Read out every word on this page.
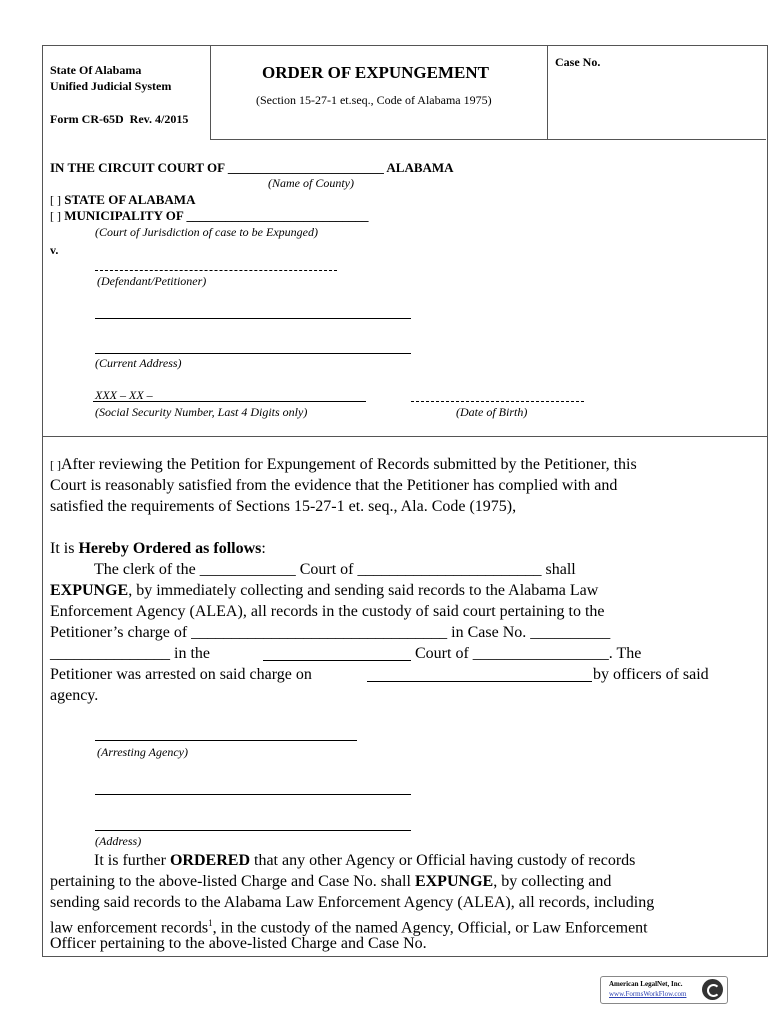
State Of Alabama
Unified Judicial System
Form CR-65D Rev. 4/2015
ORDER OF EXPUNGEMENT
(Section 15-27-1 et.seq., Code of Alabama 1975)
Case No.
IN THE CIRCUIT COURT OF ________________________ ALABAMA
(Name of County)
[ ] STATE OF ALABAMA
[ ] MUNICIPALITY OF ____________________________
(Court of Jurisdiction of case to be Expunged)
v.
(Defendant/Petitioner)
(Current Address)
XXX – XX –
(Social Security Number, Last 4 Digits only)	(Date of Birth)
[ ]After reviewing the Petition for Expungement of Records submitted by the Petitioner, this
Court is reasonably satisfied from the evidence that the Petitioner has complied with and
satisfied the requirements of Sections 15-27-1 et. seq., Ala. Code (1975),
It is Hereby Ordered as follows:
The clerk of the ____________ Court of _______________________ shall
EXPUNGE, by immediately collecting and sending said records to the Alabama Law
Enforcement Agency (ALEA), all records in the custody of said court pertaining to the
Petitioner’s charge of ________________________________ in Case No. __________
_______________ in the	Court of _________________. The
Petitioner was arrested on said charge on	by officers of said
agency.
(Arresting Agency)
(Address)
It is further ORDERED that any other Agency or Official having custody of records
pertaining to the above-listed Charge and Case No. shall EXPUNGE, by collecting and
sending said records to the Alabama Law Enforcement Agency (ALEA), all records, including
law enforcement records$^1$, in the custody of the named Agency, Official, or Law Enforcement
Officer pertaining to the above-listed Charge and Case No.
American LegalNet, Inc.
www.FormsWorkFlow.com
